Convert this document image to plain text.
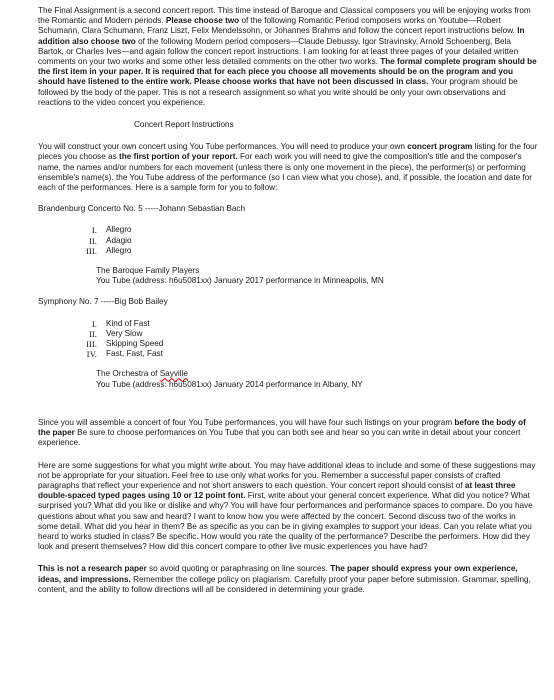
The Final Assignment is a second concert report. This time instead of Baroque and Classical composers you will be enjoying works from the Romantic and Modern periods. Please choose two of the following Romantic Period composers works on Youtube—Robert Schumann, Clara Schumann, Franz Liszt, Felix Mendelssohn, or Johannes Brahms and follow the concert report instructions below. In addition also choose two of the following Modern period composers—Claude Debussy, Igor Stravinsky, Arnold Schoenberg, Bela Bartok, or Charles Ives—and again follow the concert report instructions. I am looking for at least three pages of your detailed written comments on your two works and some other less detailed comments on the other two works. The formal complete program should be the first item in your paper. It is required that for each piece you choose all movements should be on the program and you should have listened to the entire work. Please choose works that have not been discussed in class. Your program should be followed by the body of the paper. This is not a research assignment so what you write should be only your own observations and reactions to the video concert you experience.

Concert Report Instructions

You will construct your own concert using You Tube performances. You will need to produce your own concert program listing for the four pieces you choose as the first portion of your report. For each work you will need to give the composition's title and the composer's name, the names and/or numbers for each movement (unless there is only one movement in the piece), the performer(s) or performing ensemble's name(s). the You Tube address of the performance (so I can view what you chose), and, if possible, the location and date for each of the performances. Here is a sample form for you to follow:

Brandenburg Concerto No. 5 -----Johann Sebastian Bach

I.	Allegro
II.	Adagio
III.	Allegro

The Baroque Family Players

You Tube (address: h6u5081xx) January 2017 performance in Minneapolis, MN

Symphony No. 7 -----Big Bob Bailey

I.	Kind of Fast
II.	Very Slow
III.	Skipping Speed
IV.	Fast, Fast, Fast

The Orchestra of Sayville

You Tube (address: h6u5081xx) January 2014 performance in Albany, NY

Since you will assemble a concert of four You Tube performances, you will have four such listings on your program before the body of the paper Be sure to choose performances on You Tube that you can both see and hear so you can write in detail about your concert experience.

Here are some suggestions for what you might write about. You may have additional ideas to include and some of these suggestions may not be appropriate for your situation. Feel free to use only what works for you. Remember a successful paper consists of crafted paragraphs that reflect your experience and not short answers to each question. Your concert report should consist of at least three double-spaced typed pages using 10 or 12 point font. First, write about your general concert experience. What did you notice? What surprised you? What did you like or dislike and why? You will have four performances and performance spaces to compare. Do you have questions about what you saw and heard? I want to know how you were affected by the concert. Second discuss two of the works in some detail. What did you hear in them? Be as specific as you can be in giving examples to support your ideas. Can you relate what you heard to works studied in class? Be specific. How would you rate the quality of the performance? Describe the performers. How did they look and present themselves? How did this concert compare to other live music experiences you have had?

This is not a research paper so avoid quoting or paraphrasing on line sources. The paper should express your own experience, ideas, and impressions. Remember the college policy on plagiarism. Carefully proof your paper before submission. Grammar, spelling, content, and the ability to follow directions will all be considered in determining your grade.
